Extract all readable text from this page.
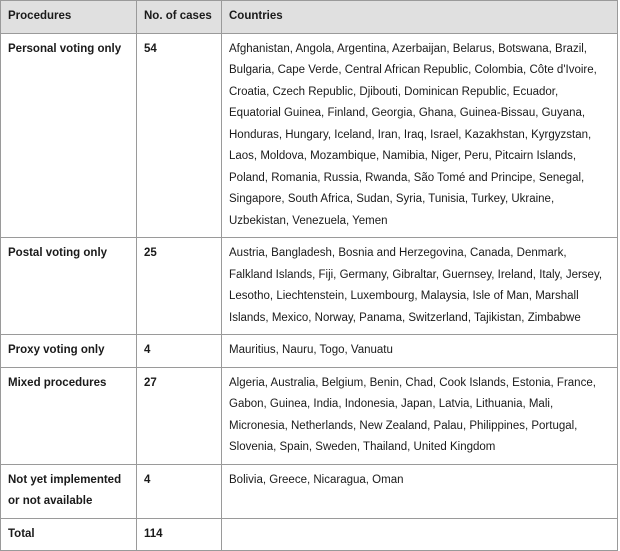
Procedures	No. of cases	Countries
Personal voting only	54	Afghanistan, Angola, Argentina, Azerbaijan, Belarus, Botswana, Brazil, Bulgaria, Cape Verde, Central African Republic, Colombia, Côte d'Ivoire, Croatia, Czech Republic, Djibouti, Dominican Republic, Ecuador, Equatorial Guinea, Finland, Georgia, Ghana, Guinea-Bissau, Guyana, Honduras, Hungary, Iceland, Iran, Iraq, Israel, Kazakhstan, Kyrgyzstan, Laos, Moldova, Mozambique, Namibia, Niger, Peru, Pitcairn Islands, Poland, Romania, Russia, Rwanda, São Tomé and Principe, Senegal, Singapore, South Africa, Sudan, Syria, Tunisia, Turkey, Ukraine, Uzbekistan, Venezuela, Yemen
Postal voting only	25	Austria, Bangladesh, Bosnia and Herzegovina, Canada, Denmark, Falkland Islands, Fiji, Germany, Gibraltar, Guernsey, Ireland, Italy, Jersey, Lesotho, Liechtenstein, Luxembourg, Malaysia, Isle of Man, Marshall Islands, Mexico, Norway, Panama, Switzerland, Tajikistan, Zimbabwe
Proxy voting only	4	Mauritius, Nauru, Togo, Vanuatu
Mixed procedures	27	Algeria, Australia, Belgium, Benin, Chad, Cook Islands, Estonia, France, Gabon, Guinea, India, Indonesia, Japan, Latvia, Lithuania, Mali, Micronesia, Netherlands, New Zealand, Palau, Philippines, Portugal, Slovenia, Spain, Sweden, Thailand, United Kingdom
Not yet implemented or not available	4	Bolivia, Greece, Nicaragua, Oman
Total	114	
